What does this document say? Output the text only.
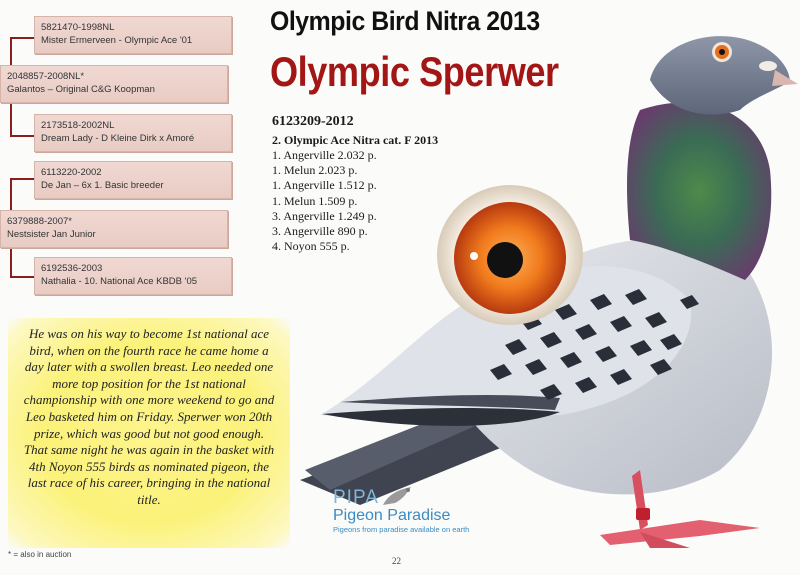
5821470-1998NL
Mister Ermerveen - Olympic Ace '01
2048857-2008NL*
Galantos – Original C&G Koopman
2173518-2002NL
Dream Lady - D Kleine Dirk x Amoré
6113220-2002
De Jan – 6x 1. Basic breeder
6379888-2007*
Nestsister Jan Junior
6192536-2003
Nathalia - 10. National Ace KBDB '05
Olympic Bird Nitra 2013
Olympic Sperwer
6123209-2012
2. Olympic Ace Nitra cat. F 2013
1. Angerville 2.032 p.
1. Melun 2.023 p.
1. Angerville 1.512 p.
1. Melun 1.509 p.
3. Angerville 1.249 p.
3. Angerville 890 p.
4. Noyon 555 p.

He was on his way to become 1st national ace bird, when on the fourth race he came home a day later with a swollen breast. Leo needed one more top position for the 1st national championship with one more weekend to go and Leo basketed him on Friday. Sperwer won 20th prize, which was good but not good enough. That same night he was again in the basket with 4th Noyon 555 birds as nominated pigeon, the last race of his career, bringing in the national title.

* = also in auction
22
PIPA
Pigeon Paradise
Pigeons from paradise available on earth
